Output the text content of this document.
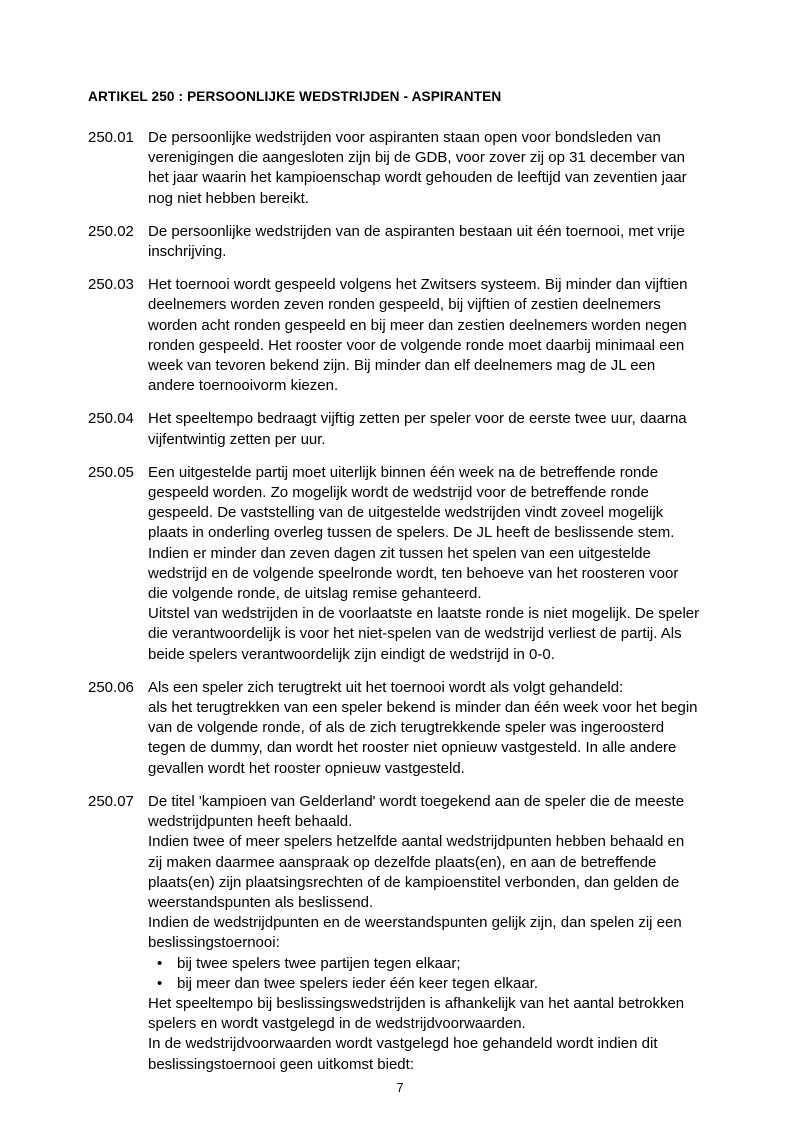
ARTIKEL 250 : PERSOONLIJKE WEDSTRIJDEN - ASPIRANTEN
250.01 De persoonlijke wedstrijden voor aspiranten staan open voor bondsleden van verenigingen die aangesloten zijn bij de GDB, voor zover zij op 31 december van het jaar waarin het kampioenschap wordt gehouden de leeftijd van zeventien jaar nog niet hebben bereikt.

250.02 De persoonlijke wedstrijden van de aspiranten bestaan uit één toernooi, met vrije inschrijving.

250.03 Het toernooi wordt gespeeld volgens het Zwitsers systeem. Bij minder dan vijftien deelnemers worden zeven ronden gespeeld, bij vijftien of zestien deelnemers worden acht ronden gespeeld en bij meer dan zestien deelnemers worden negen ronden gespeeld. Het rooster voor de volgende ronde moet daarbij minimaal een week van tevoren bekend zijn. Bij minder dan elf deelnemers mag de JL een andere toernooivorm kiezen.

250.04 Het speeltempo bedraagt vijftig zetten per speler voor de eerste twee uur, daarna vijfentwintig zetten per uur.

250.05 Een uitgestelde partij moet uiterlijk binnen één week na de betreffende ronde gespeeld worden. Zo mogelijk wordt de wedstrijd voor de betreffende ronde gespeeld. De vaststelling van de uitgestelde wedstrijden vindt zoveel mogelijk plaats in onderling overleg tussen de spelers. De JL heeft de beslissende stem.

Indien er minder dan zeven dagen zit tussen het spelen van een uitgestelde wedstrijd en de volgende speelronde wordt, ten behoeve van het roosteren voor die volgende ronde, de uitslag remise gehanteerd.

Uitstel van wedstrijden in de voorlaatste en laatste ronde is niet mogelijk. De speler die verantwoordelijk is voor het niet-spelen van de wedstrijd verliest de partij. Als beide spelers verantwoordelijk zijn eindigt de wedstrijd in 0-0.

250.06 Als een speler zich terugtrekt uit het toernooi wordt als volgt gehandeld:

als het terugtrekken van een speler bekend is minder dan één week voor het begin van de volgende ronde, of als de zich terugtrekkende speler was ingeroosterd tegen de dummy, dan wordt het rooster niet opnieuw vastgesteld. In alle andere gevallen wordt het rooster opnieuw vastgesteld.

250.07 De titel 'kampioen van Gelderland' wordt toegekend aan de speler die de meeste wedstrijdpunten heeft behaald.

Indien twee of meer spelers hetzelfde aantal wedstrijdpunten hebben behaald en zij maken daarmee aanspraak op dezelfde plaats(en), en aan de betreffende plaats(en) zijn plaatsingsrechten of de kampioenstitel verbonden, dan gelden de weerstandspunten als beslissend.

Indien de wedstrijdpunten en de weerstandspunten gelijk zijn, dan spelen zij een beslissingstoernooi:

• bij twee spelers twee partijen tegen elkaar;
• bij meer dan twee spelers ieder één keer tegen elkaar.

Het speeltempo bij beslissingswedstrijden is afhankelijk van het aantal betrokken spelers en wordt vastgelegd in de wedstrijdvoorwaarden.

In de wedstrijdvoorwaarden wordt vastgelegd hoe gehandeld wordt indien dit beslissingstoernooi geen uitkomst biedt:

7
